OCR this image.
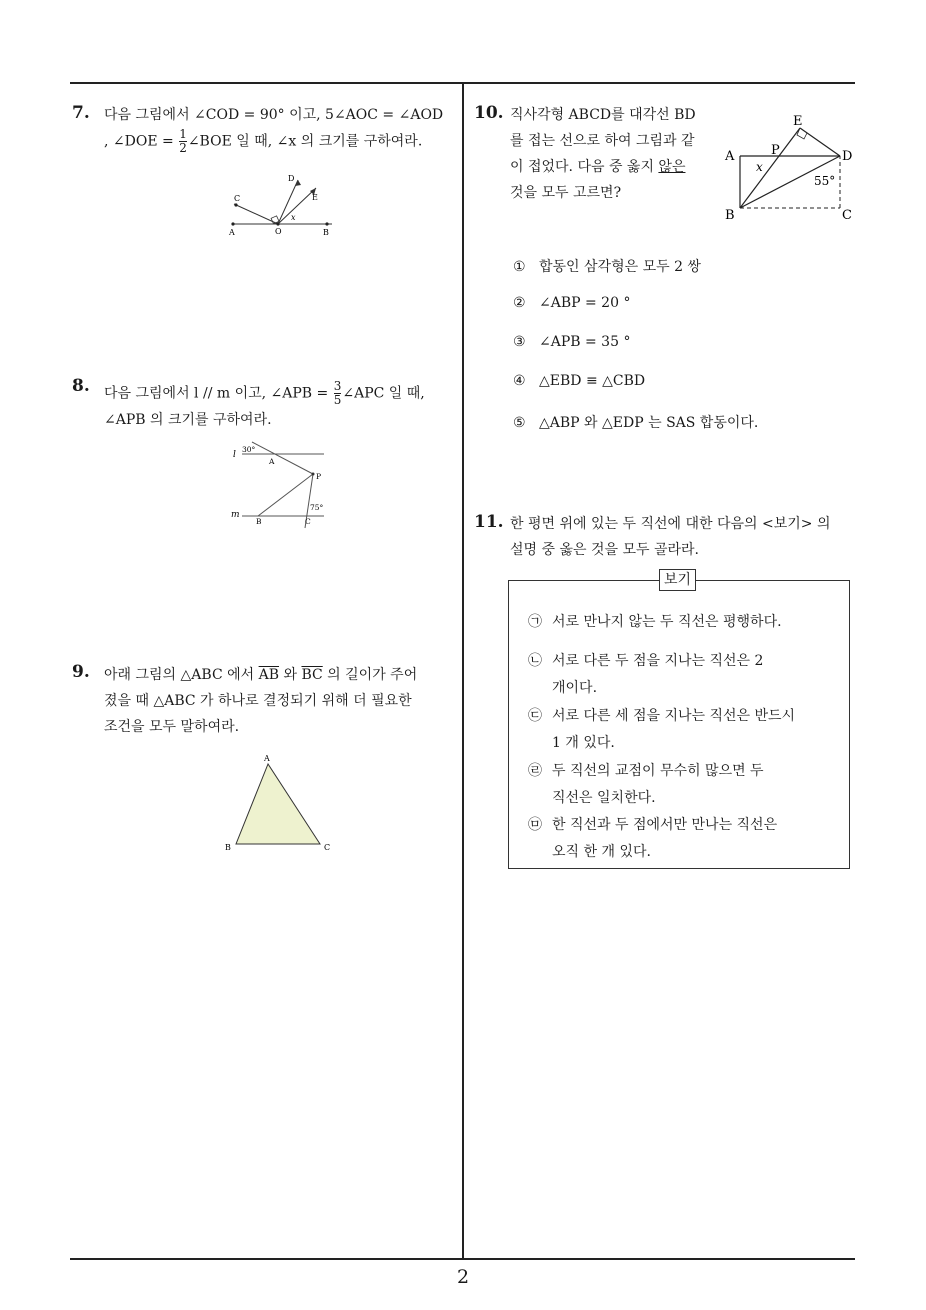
2
7. 다음 그림에서 ∠COD = 90° 이고, 5∠AOC = ∠AOD
, ∠DOE = $\frac{1}{2}$ ∠BOE 일 때, ∠x 의 크기를 구하여라.
A	O	B
C
D
E
x
8. 다음 그림에서 l // m 이고, ∠APB = $\frac{3}{5}$ ∠APC 일 때,
∠APB 의 크기를 구하여라.
l
m
30°
A
P
75°
B	C
9. 아래 그림의 △ABC 에서 $\overline{AB}$ 와 $\overline{BC}$ 의 길이가 주어
졌을 때 △ABC 가 하나로 결정되기 위해 더 필요한
조건을 모두 말하여라.
A
B	C
10. 직사각형 ABCD를 대각선 BD
를 접는 선으로 하여 그림과 같
이 접었다. 다음 중 옳지 않은
것을 모두 고르면?
E
A	P	D
x
55°
B	C
① 합동인 삼각형은 모두 2 쌍
② ∠ABP = 20 °
③ ∠APB = 35 °
④ △EBD ≡ △CBD
⑤ △ABP 와 △EDP 는 SAS 합동이다.
11. 한 평면 위에 있는 두 직선에 대한 다음의 <보기> 의
설명 중 옳은 것을 모두 골라라.
보기
㉠ 서로 만나지 않는 두 직선은 평행하다.
㉡ 서로 다른 두 점을 지나는 직선은 2
개이다.
㉢ 서로 다른 세 점을 지나는 직선은 반드시
1 개 있다.
㉣ 두 직선의 교점이 무수히 많으면 두
직선은 일치한다.
㉤ 한 직선과 두 점에서만 만나는 직선은
오직 한 개 있다.
